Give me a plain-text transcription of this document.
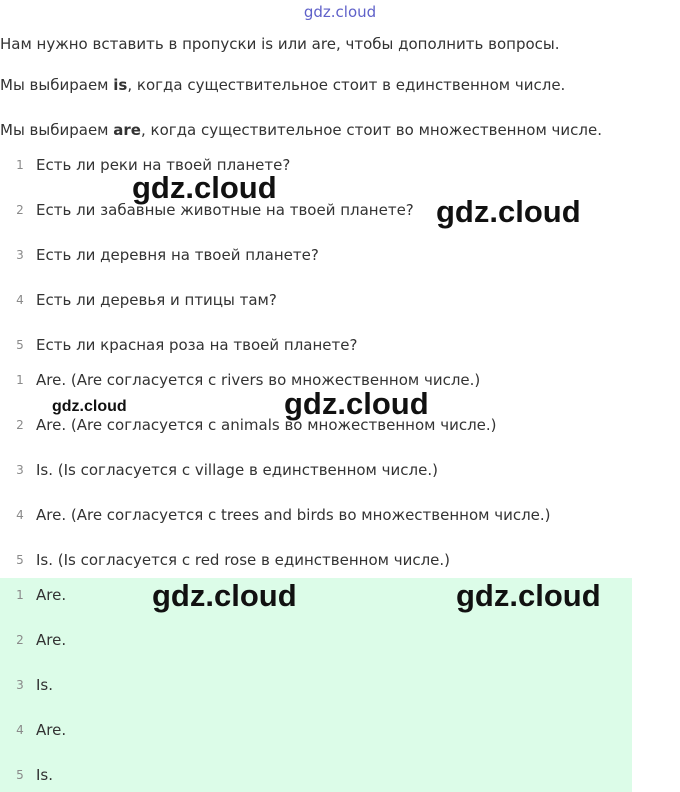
gdz.cloud
Нам нужно вставить в пропуски is или are, чтобы дополнить вопросы.
Мы выбираем is, когда существительное стоит в единственном числе.
Мы выбираем are, когда существительное стоит во множественном числе.
1 Есть ли реки на твоей планете?
2 Есть ли забавные животные на твоей планете?
3 Есть ли деревня на твоей планете?
4 Есть ли деревья и птицы там?
5 Есть ли красная роза на твоей планете?
1 Are. (Are согласуется с rivers во множественном числе.)
2 Are. (Are согласуется с animals во множественном числе.)
3 Is. (Is согласуется с village в единственном числе.)
4 Are. (Are согласуется с trees and birds во множественном числе.)
5 Is. (Is согласуется с red rose в единственном числе.)
1 Are.
2 Are.
3 Is.
4 Are.
5 Is.
gdz.cloud
gdz.cloud
gdz.cloud	gdz.cloud
gdz.cloud	gdz.cloud
